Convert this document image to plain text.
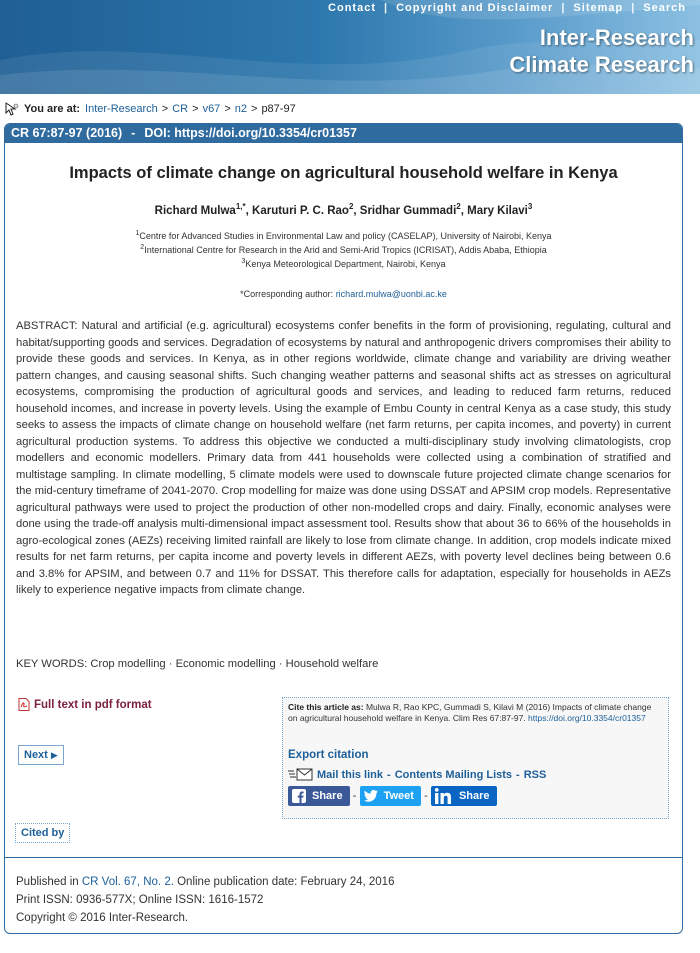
Contact | Copyright and Disclaimer | Sitemap | Search
Inter-Research
Climate Research
You are at: Inter-Research > CR > v67 > n2 > p87-97
CR 67:87-97 (2016) - DOI: https://doi.org/10.3354/cr01357
Impacts of climate change on agricultural household welfare in Kenya
Richard Mulwa$^{1,*}$, Karuturi P. C. Rao$^2$, Sridhar Gummadi$^2$, Mary Kilavi$^3$
$^1$Centre for Advanced Studies in Environmental Law and policy (CASELAP), University of Nairobi, Kenya
$^2$International Centre for Research in the Arid and Semi-Arid Tropics (ICRISAT), Addis Ababa, Ethiopia
$^3$Kenya Meteorological Department, Nairobi, Kenya
*Corresponding author: richard.mulwa@uonbi.ac.ke
ABSTRACT: Natural and artificial (e.g. agricultural) ecosystems confer benefits in the form of provisioning, regulating, cultural and habitat/supporting goods and services. Degradation of ecosystems by natural and anthropogenic drivers compromises their ability to provide these goods and services. In Kenya, as in other regions worldwide, climate change and variability are driving weather pattern changes, and causing seasonal shifts. Such changing weather patterns and seasonal shifts act as stresses on agricultural ecosystems, compromising the production of agricultural goods and services, and leading to reduced farm returns, reduced household incomes, and increase in poverty levels. Using the example of Embu County in central Kenya as a case study, this study seeks to assess the impacts of climate change on household welfare (net farm returns, per capita incomes, and poverty) in current agricultural production systems. To address this objective we conducted a multi-disciplinary study involving climatologists, crop modellers and economic modellers. Primary data from 441 households were collected using a combination of stratified and multistage sampling. In climate modelling, 5 climate models were used to downscale future projected climate change scenarios for the mid-century timeframe of 2041-2070. Crop modelling for maize was done using DSSAT and APSIM crop models. Representative agricultural pathways were used to project the production of other non-modelled crops and dairy. Finally, economic analyses were done using the trade-off analysis multi-dimensional impact assessment tool. Results show that about 36 to 66% of the households in agro-ecological zones (AEZs) receiving limited rainfall are likely to lose from climate change. In addition, crop models indicate mixed results for net farm returns, per capita income and poverty levels in different AEZs, with poverty level declines being between 0.6 and 3.8% for APSIM, and between 0.7 and 11% for DSSAT. This therefore calls for adaptation, especially for households in AEZs likely to experience negative impacts from climate change.
KEY WORDS: Crop modelling · Economic modelling · Household welfare
Full text in pdf format
Next ▶
Cited by
Cite this article as: Mulwa R, Rao KPC, Gummadi S, Kilavi M (2016) Impacts of climate change on agricultural household welfare in Kenya. Clim Res 67:87-97. https://doi.org/10.3354/cr01357
Export citation
Mail this link - Contents Mailing Lists - RSS
Share - Tweet -	Share
Published in CR Vol. 67, No. 2. Online publication date: February 24, 2016
Print ISSN: 0936-577X; Online ISSN: 1616-1572
Copyright © 2016 Inter-Research.
